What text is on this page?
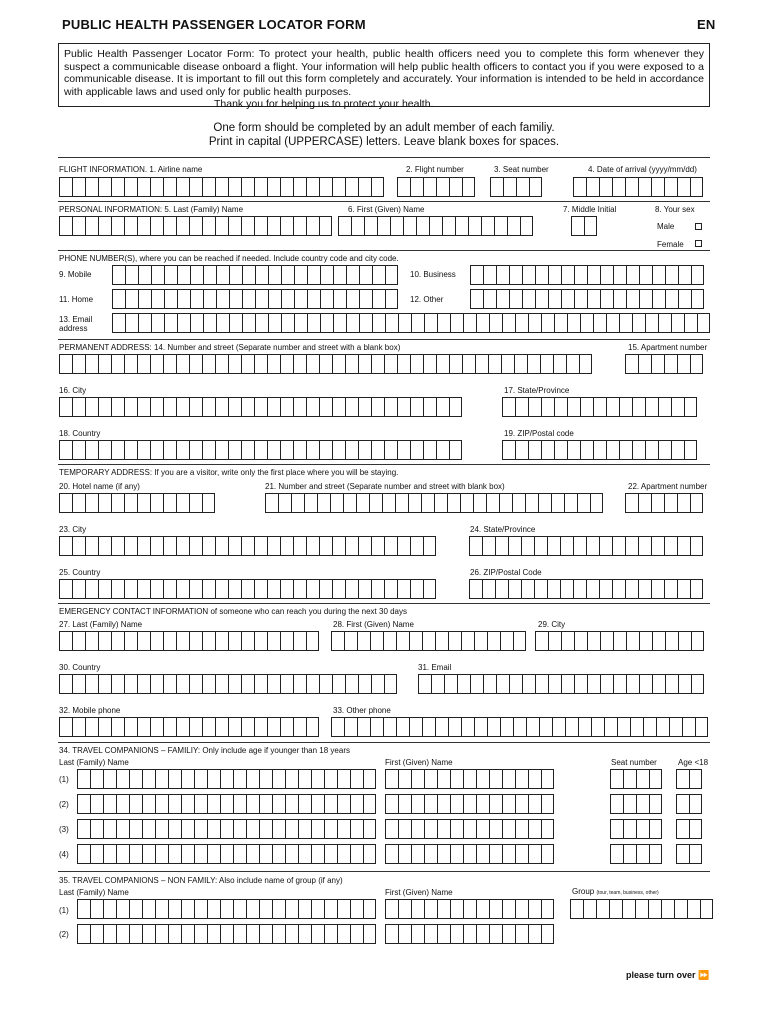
PUBLIC HEALTH PASSENGER LOCATOR FORM	EN

Public Health Passenger Locator Form: To protect your health, public health officers need you to complete this form whenever they suspect a communicable disease onboard a flight. Your information will help public health officers to contact you if you were exposed to a communicable disease. It is important to fill out this form completely and accurately. Your information is intended to be held in accordance with applicable laws and used only for public health purposes.

Thank you for helping us to protect your health.

One form should be completed by an adult member of each familiy.
Print in capital (UPPERCASE) letters. Leave blank boxes for spaces.
FLIGHT INFORMATION. 1. Airline name	2. Flight number	3. Seat number	4. Date of arrival (yyyy/mm/dd)
PERSONAL INFORMATION: 5. Last (Family) Name	6. First (Given) Name	7. Middle Initial	8. Your sex
Male
Female
PHONE NUMBER(S), where you can be reached if needed. Include country code and city code.
9. Mobile	10. Business
11. Home	12. Other
13. Email
address
PERMANENT ADDRESS: 14. Number and street (Separate number and street with a blank box)	15. Apartment number
16. City	17. State/Province
18. Country	19. ZIP/Postal code
TEMPORARY ADDRESS: If you are a visitor, write only the first place where you will be staying.
20. Hotel name (if any)	21. Number and street (Separate number and street with blank box)	22. Apartment number
23. City	24. State/Province
25. Country	26. ZIP/Postal Code
EMERGENCY CONTACT INFORMATION of someone who can reach you during the next 30 days
27. Last (Family) Name	28. First (Given) Name	29. City
30. Country	31. Email
32. Mobile phone	33. Other phone
34. TRAVEL COMPANIONS – FAMILIY: Only include age if younger than 18 years
Last (Family) Name	First (Given) Name	Seat number	Age <18
(1)
(2)
(3)
(4)
35. TRAVEL COMPANIONS – NON FAMILY: Also include name of group (if any)
Last (Family) Name	First (Given) Name	Group (tour, team, business, other)
(1)
(2)
please turn over ⏩
